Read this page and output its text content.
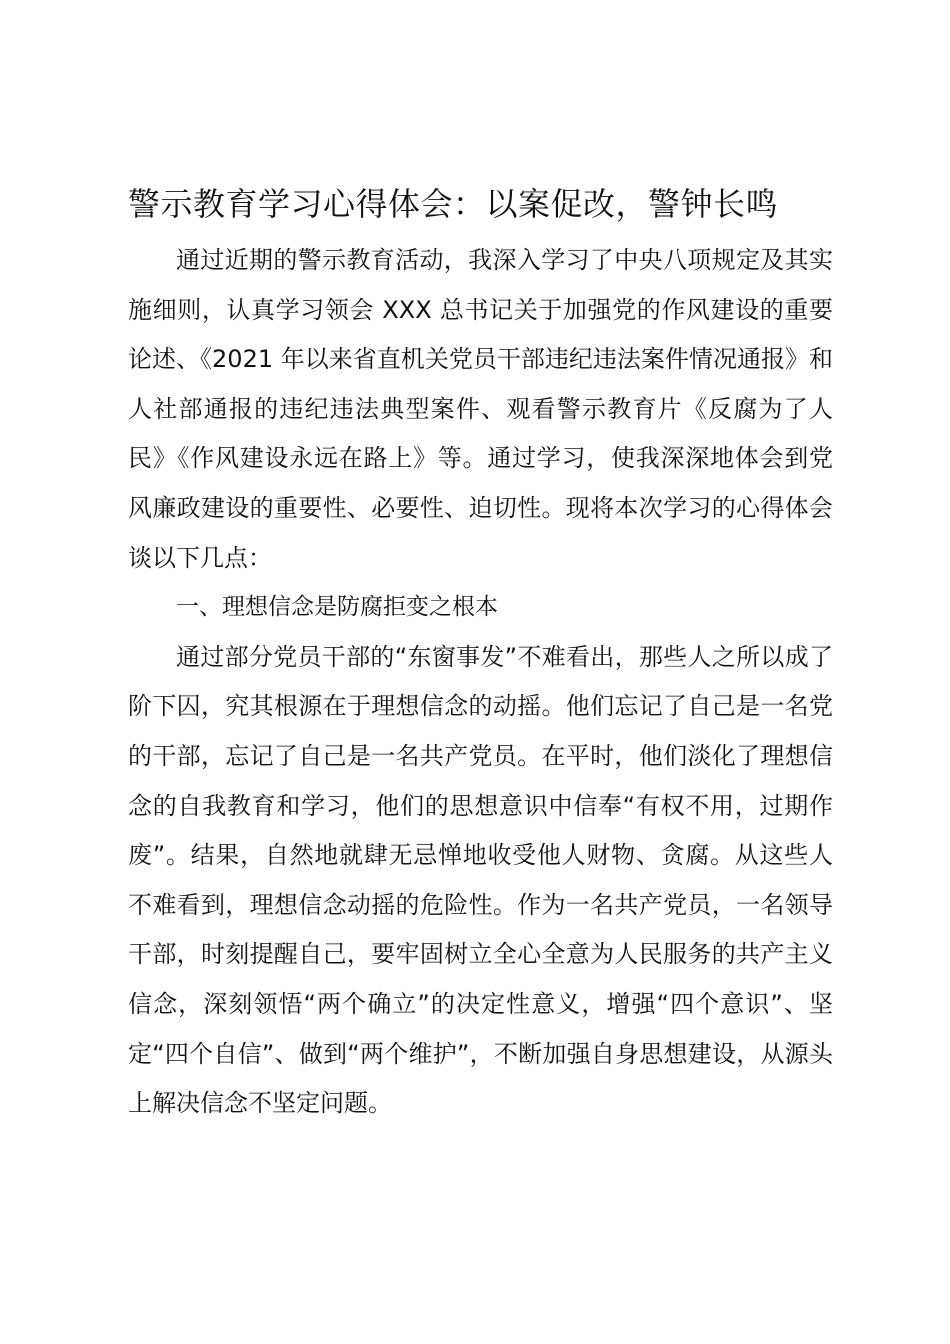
警示教育学习心得体会：以案促改，警钟长鸣

通过近期的警示教育活动，我深入学习了中央八项规定及其实施细则，认真学习领会 XXX 总书记关于加强党的作风建设的重要论述、《2021 年以来省直机关党员干部违纪违法案件情况通报》和人社部通报的违纪违法典型案件、观看警示教育片《反腐为了人民》《作风建设永远在路上》等。通过学习，使我深深地体会到党风廉政建设的重要性、必要性、迫切性。现将本次学习的心得体会谈以下几点：

一、理想信念是防腐拒变之根本

通过部分党员干部的“东窗事发”不难看出，那些人之所以成了阶下囚，究其根源在于理想信念的动摇。他们忘记了自己是一名党的干部，忘记了自己是一名共产党员。在平时，他们淡化了理想信念的自我教育和学习，他们的思想意识中信奉“有权不用，过期作废”。结果，自然地就肆无忌惮地收受他人财物、贪腐。从这些人不难看到，理想信念动摇的危险性。作为一名共产党员，一名领导干部，时刻提醒自己，要牢固树立全心全意为人民服务的共产主义信念，深刻领悟“两个确立”的决定性意义，增强“四个意识”、坚定“四个自信”、做到“两个维护”，不断加强自身思想建设，从源头上解决信念不坚定问题。
